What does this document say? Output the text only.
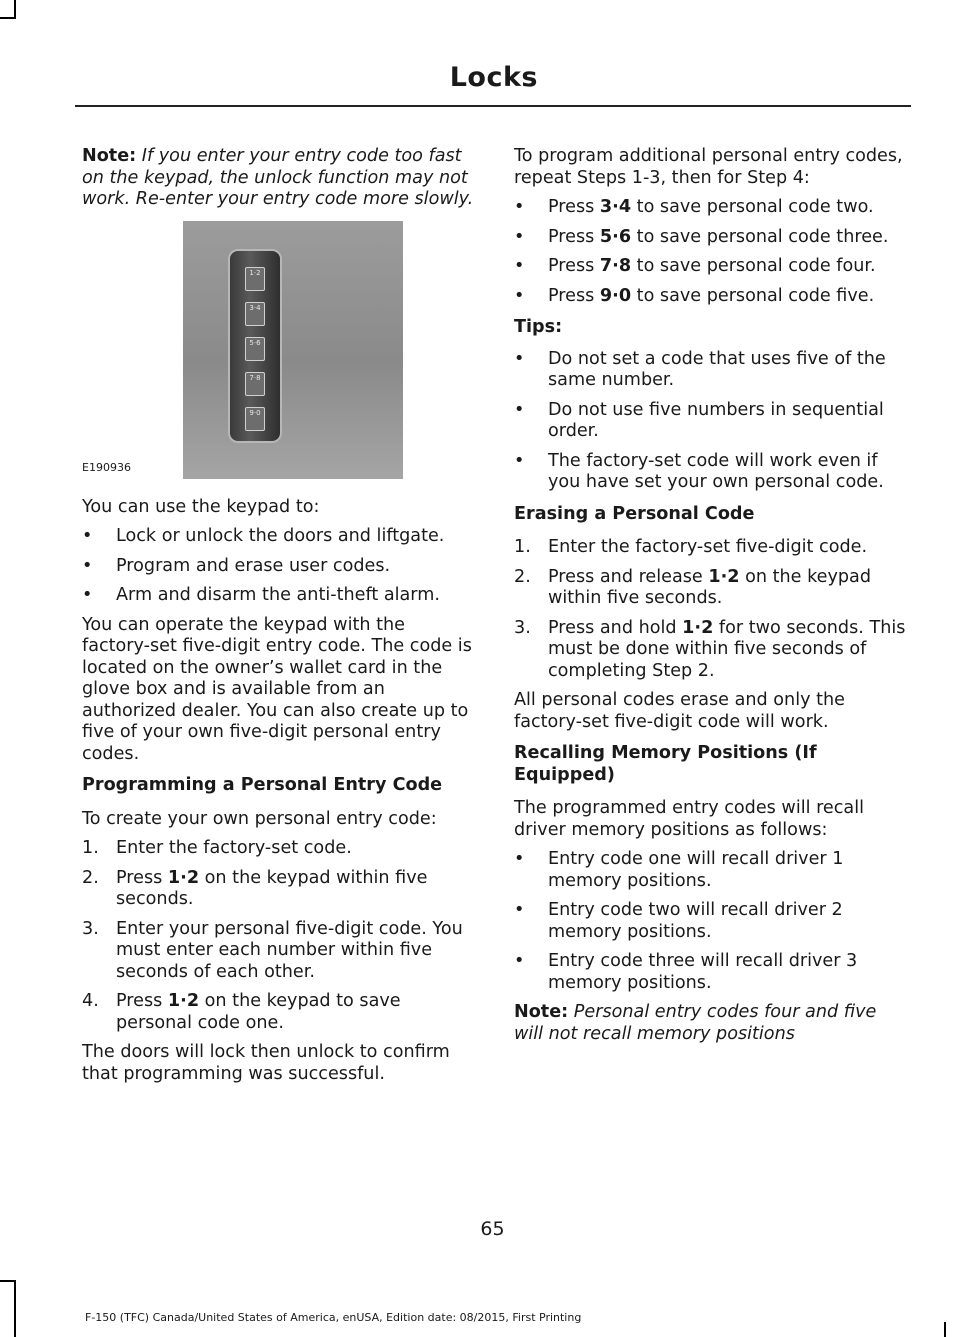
Locks

Note: If you enter your entry code too fast on the keypad, the unlock function may not work. Re-enter your entry code more slowly.

1·2
3·4
5·6
7·8
9·0
E190936

You can use the keypad to:

• Lock or unlock the doors and liftgate.
• Program and erase user codes.
• Arm and disarm the anti-theft alarm.

You can operate the keypad with the factory-set five-digit entry code. The code is located on the owner’s wallet card in the glove box and is available from an authorized dealer. You can also create up to five of your own five-digit personal entry codes.

Programming a Personal Entry Code

To create your own personal entry code:

1. Enter the factory-set code.
2. Press 1·2 on the keypad within five seconds.
3. Enter your personal five-digit code. You must enter each number within five seconds of each other.
4. Press 1·2 on the keypad to save personal code one.

The doors will lock then unlock to confirm that programming was successful.

To program additional personal entry codes, repeat Steps 1-3, then for Step 4:

• Press 3·4 to save personal code two.
• Press 5·6 to save personal code three.
• Press 7·8 to save personal code four.
• Press 9·0 to save personal code five.

Tips:

• Do not set a code that uses five of the same number.
• Do not use five numbers in sequential order.
• The factory-set code will work even if you have set your own personal code.
Erasing a Personal Code
1. Enter the factory-set five-digit code.
2. Press and release 1·2 on the keypad within five seconds.
3. Press and hold 1·2 for two seconds. This must be done within five seconds of completing Step 2.

All personal codes erase and only the factory-set five-digit code will work.

Recalling Memory Positions (If Equipped)

The programmed entry codes will recall driver memory positions as follows:

• Entry code one will recall driver 1 memory positions.
• Entry code two will recall driver 2 memory positions.
• Entry code three will recall driver 3 memory positions.

Note: Personal entry codes four and five will not recall memory positions

65
F-150 (TFC) Canada/United States of America, enUSA, Edition date: 08/2015, First Printing
